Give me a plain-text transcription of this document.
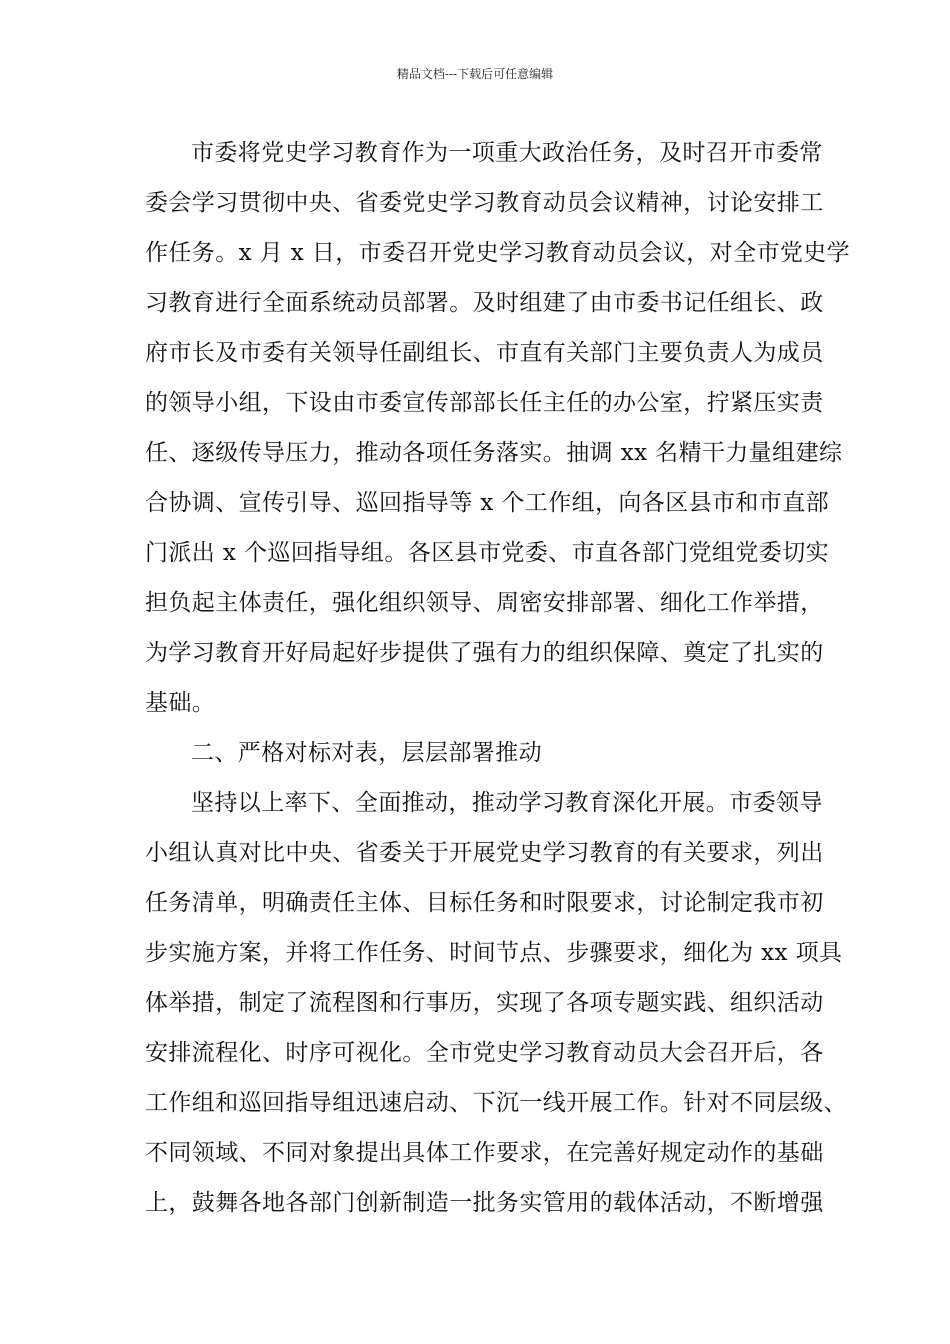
精品文档---下载后可任意编辑
市委将党史学习教育作为一项重大政治任务，及时召开市委常
委会学习贯彻中央、省委党史学习教育动员会议精神，讨论安排工
作任务。x 月 x 日，市委召开党史学习教育动员会议，对全市党史学
习教育进行全面系统动员部署。及时组建了由市委书记任组长、政
府市长及市委有关领导任副组长、市直有关部门主要负责人为成员
的领导小组，下设由市委宣传部部长任主任的办公室，拧紧压实责
任、逐级传导压力，推动各项任务落实。抽调 xx 名精干力量组建综
合协调、宣传引导、巡回指导等 x 个工作组，向各区县市和市直部
门派出 x 个巡回指导组。各区县市党委、市直各部门党组党委切实
担负起主体责任，强化组织领导、周密安排部署、细化工作举措，
为学习教育开好局起好步提供了强有力的组织保障、奠定了扎实的
基础。
二、严格对标对表，层层部署推动
坚持以上率下、全面推动，推动学习教育深化开展。市委领导
小组认真对比中央、省委关于开展党史学习教育的有关要求，列出
任务清单，明确责任主体、目标任务和时限要求，讨论制定我市初
步实施方案，并将工作任务、时间节点、步骤要求，细化为 xx 项具
体举措，制定了流程图和行事历，实现了各项专题实践、组织活动
安排流程化、时序可视化。全市党史学习教育动员大会召开后，各
工作组和巡回指导组迅速启动、下沉一线开展工作。针对不同层级、
不同领域、不同对象提出具体工作要求，在完善好规定动作的基础
上，鼓舞各地各部门创新制造一批务实管用的载体活动，不断增强
